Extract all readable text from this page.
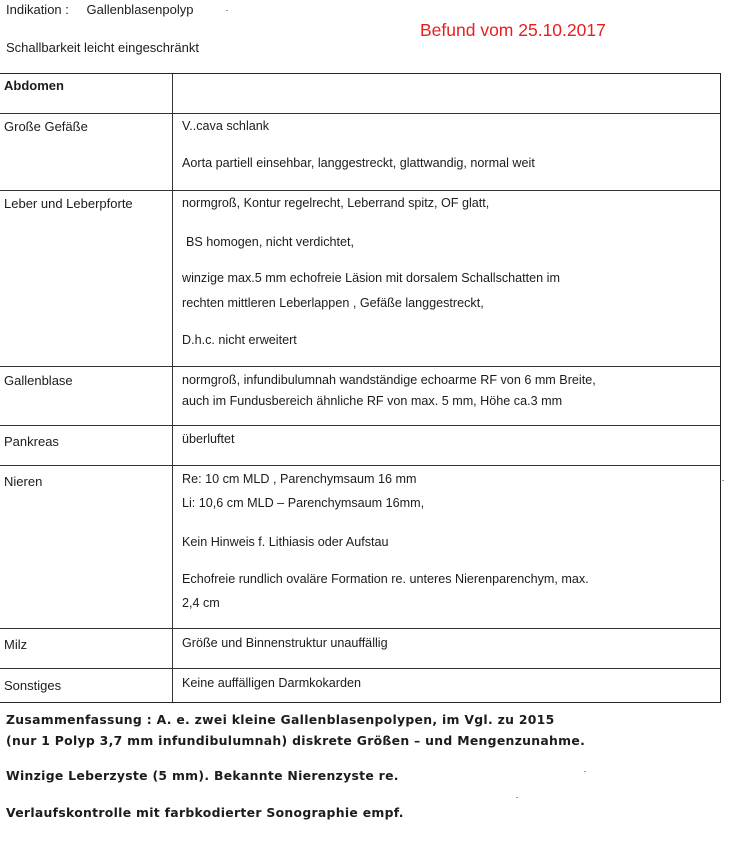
Indikation : Gallenblasenpolyp
Befund vom 25.10.2017
Schallbarkeit leicht eingeschränkt
Abdomen
Große Gefäße	V..cava schlank
Aorta partiell einsehbar, langgestreckt, glattwandig, normal weit
Leber und Leberpforte	normgroß, Kontur regelrecht, Leberrand spitz, OF glatt,
BS homogen, nicht verdichtet,
winzige max.5 mm echofreie Läsion mit dorsalem Schallschatten im
rechten mittleren Leberlappen , Gefäße langgestreckt,
D.h.c. nicht erweitert
Gallenblase	normgroß, infundibulumnah wandständige echoarme RF von 6 mm Breite,
auch im Fundusbereich ähnliche RF von max. 5 mm, Höhe ca.3 mm
Pankreas	überluftet
Nieren	Re: 10 cm MLD , Parenchymsaum 16 mm
Li: 10,6 cm MLD – Parenchymsaum 16mm,
Kein Hinweis f. Lithiasis oder Aufstau
Echofreie rundlich ovaläre Formation re. unteres Nierenparenchym, max.
2,4 cm
Milz	Größe und Binnenstruktur unauffällig
Sonstiges	Keine auffälligen Darmkokarden
Zusammenfassung : A. e. zwei kleine Gallenblasenpolypen, im Vgl. zu 2015
(nur 1 Polyp 3,7 mm infundibulumnah) diskrete Größen – und Mengenzunahme.
Winzige Leberzyste (5 mm). Bekannte Nierenzyste re.
Verlaufskontrolle mit farbkodierter Sonographie empf.
